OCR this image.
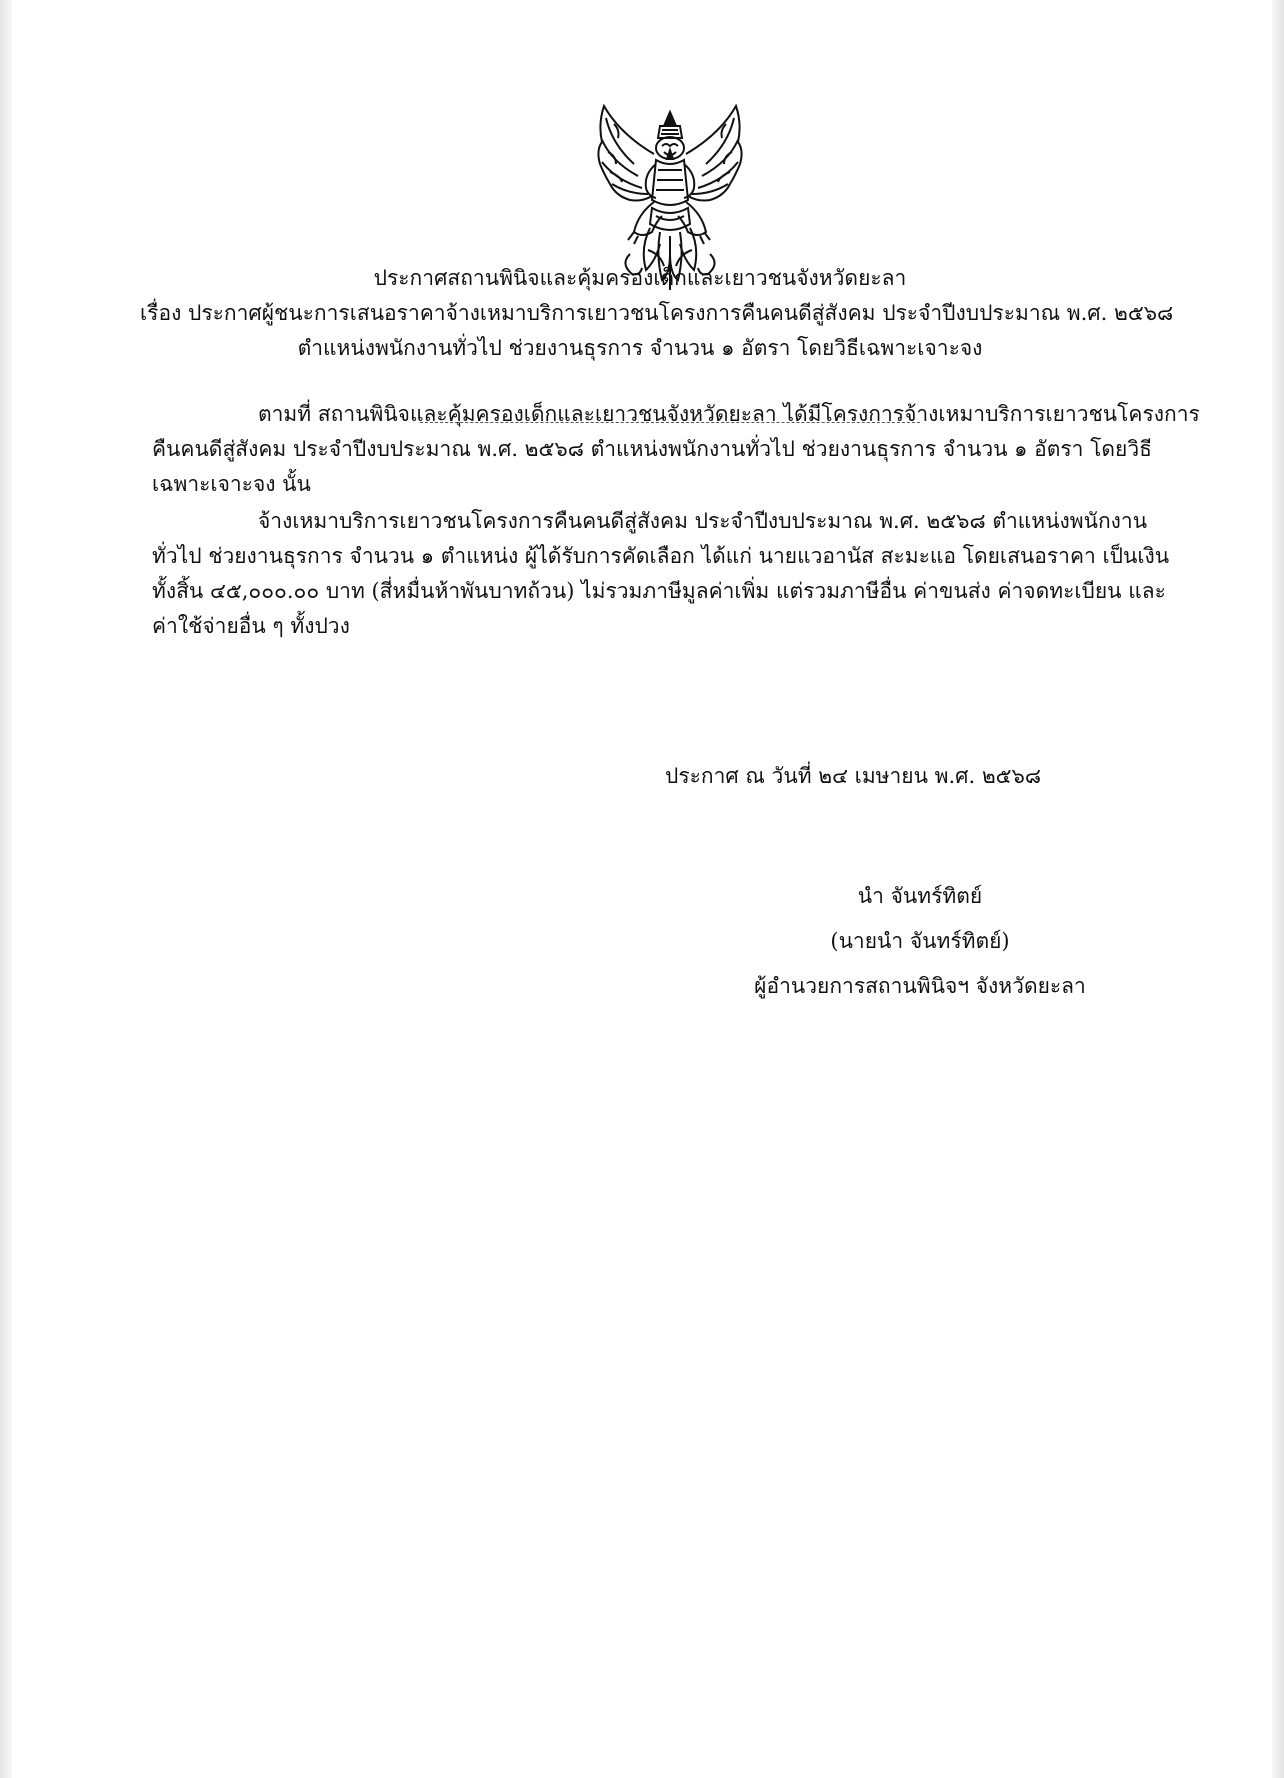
ประกาศสถานพินิจและคุ้มครองเด็กและเยาวชนจังหวัดยะลา
เรื่อง ประกาศผู้ชนะการเสนอราคาจ้างเหมาบริการเยาวชนโครงการคืนคนดีสู่สังคม ประจำปีงบประมาณ พ.ศ. ๒๕๖๘
ตำแหน่งพนักงานทั่วไป ช่วยงานธุรการ จำนวน ๑ อัตรา โดยวิธีเฉพาะเจาะจง
ตามที่ สถานพินิจและคุ้มครองเด็กและเยาวชนจังหวัดยะลา ได้มีโครงการจ้างเหมาบริการเยาวชนโครงการ
คืนคนดีสู่สังคม ประจำปีงบประมาณ พ.ศ. ๒๕๖๘ ตำแหน่งพนักงานทั่วไป ช่วยงานธุรการ จำนวน ๑ อัตรา โดยวิธี
เฉพาะเจาะจง นั้น
จ้างเหมาบริการเยาวชนโครงการคืนคนดีสู่สังคม ประจำปีงบประมาณ พ.ศ. ๒๕๖๘ ตำแหน่งพนักงาน
ทั่วไป ช่วยงานธุรการ จำนวน ๑ ตำแหน่ง ผู้ได้รับการคัดเลือก ได้แก่ นายแวอานัส สะมะแอ โดยเสนอราคา เป็นเงิน
ทั้งสิ้น ๔๕,๐๐๐.๐๐ บาท (สี่หมื่นห้าพันบาทถ้วน) ไม่รวมภาษีมูลค่าเพิ่ม แต่รวมภาษีอื่น ค่าขนส่ง ค่าจดทะเบียน และ
ค่าใช้จ่ายอื่น ๆ ทั้งปวง
ประกาศ ณ วันที่ ๒๔ เมษายน พ.ศ. ๒๕๖๘
นำ จันทร์ทิตย์
(นายนำ จันทร์ทิตย์)
ผู้อำนวยการสถานพินิจฯ จังหวัดยะลา
